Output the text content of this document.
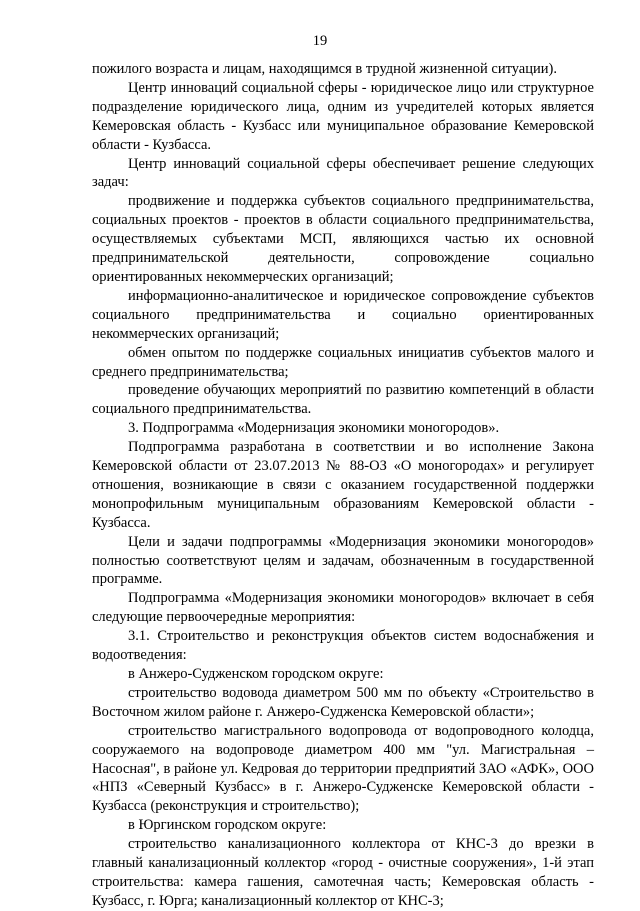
19

пожилого возраста и лицам, находящимся в трудной жизненной ситуации).

Центр инноваций социальной сферы - юридическое лицо или структурное подразделение юридического лица, одним из учредителей которых является Кемеровская область - Кузбасс или муниципальное образование Кемеровской области - Кузбасса.

Центр инноваций социальной сферы обеспечивает решение следующих задач:

продвижение и поддержка субъектов социального предпринимательства, социальных проектов - проектов в области социального предпринимательства, осуществляемых субъектами МСП, являющихся частью их основной предпринимательской деятельности, сопровождение социально ориентированных некоммерческих организаций;

информационно-аналитическое и юридическое сопровождение субъектов социального предпринимательства и социально ориентированных некоммерческих организаций;

обмен опытом по поддержке социальных инициатив субъектов малого и среднего предпринимательства;

проведение обучающих мероприятий по развитию компетенций в области социального предпринимательства.

3. Подпрограмма «Модернизация экономики моногородов».

Подпрограмма разработана в соответствии и во исполнение Закона Кемеровской области от 23.07.2013 № 88-ОЗ «О моногородах» и регулирует отношения, возникающие в связи с оказанием государственной поддержки монопрофильным муниципальным образованиям Кемеровской области - Кузбасса.

Цели и задачи подпрограммы «Модернизация экономики моногородов» полностью соответствуют целям и задачам, обозначенным в государственной программе.

Подпрограмма «Модернизация экономики моногородов» включает в себя следующие первоочередные мероприятия:

3.1. Строительство и реконструкция объектов систем водоснабжения и водоотведения:

в Анжеро-Судженском городском округе:

строительство водовода диаметром 500 мм по объекту «Строительство в Восточном жилом районе г. Анжеро-Судженска Кемеровской области»;

строительство магистрального водопровода от водопроводного колодца, сооружаемого на водопроводе диаметром 400 мм "ул. Магистральная – Насосная", в районе ул. Кедровая до территории предприятий ЗАО «АФК», ООО «НПЗ «Северный Кузбасс» в г. Анжеро-Судженске Кемеровской области - Кузбасса (реконструкция и строительство);

в Юргинском городском округе:

строительство канализационного коллектора от КНС-3 до врезки в главный канализационный коллектор «город - очистные сооружения», 1-й этап строительства: камера гашения, самотечная часть; Кемеровская область - Кузбасс, г. Юрга; канализационный коллектор от КНС-3;
